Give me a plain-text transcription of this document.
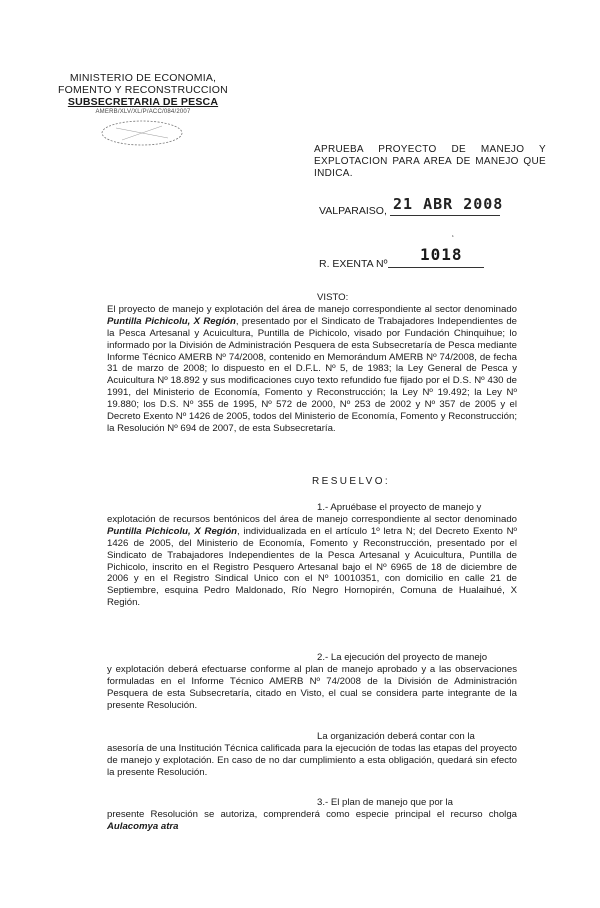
MINISTERIO DE ECONOMIA,
FOMENTO Y RECONSTRUCCION
SUBSECRETARIA DE PESCA
AMERB/XLV/XL/P/ACC/084/2007
APRUEBA PROYECTO DE MANEJO Y EXPLOTACION PARA AREA DE MANEJO QUE INDICA.
VALPARAISO, 21 ABR 2008
‘
R. EXENTA Nº 1018
VISTO:
El proyecto de manejo y explotación del área de manejo correspondiente al sector denominado Puntilla Pichicolu, X Región, presentado por el Sindicato de Trabajadores Independientes de la Pesca Artesanal y Acuicultura, Puntilla de Pichicolo, visado por Fundación Chinquihue; lo informado por la División de Administración Pesquera de esta Subsecretaría de Pesca mediante Informe Técnico AMERB Nº 74/2008, contenido en Memorándum AMERB Nº 74/2008, de fecha 31 de marzo de 2008; lo dispuesto en el D.F.L. Nº 5, de 1983; la Ley General de Pesca y Acuicultura Nº 18.892 y sus modificaciones cuyo texto refundido fue fijado por el D.S. Nº 430 de 1991, del Ministerio de Economía, Fomento y Reconstrucción; la Ley Nº 19.492; la Ley Nº 19.880; los D.S. Nº 355 de 1995, Nº 572 de 2000, Nº 253 de 2002 y Nº 357 de 2005 y el Decreto Exento Nº 1426 de 2005, todos del Ministerio de Economía, Fomento y Reconstrucción; la Resolución Nº 694 de 2007, de esta Subsecretaría.
RESUELVO:
1.- Apruébase el proyecto de manejo y
explotación de recursos bentónicos del área de manejo correspondiente al sector denominado Puntilla Pichicolu, X Región, individualizada en el artículo 1º letra N; del Decreto Exento Nº 1426 de 2005, del Ministerio de Economía, Fomento y Reconstrucción, presentado por el Sindicato de Trabajadores Independientes de la Pesca Artesanal y Acuicultura, Puntilla de Pichicolo, inscrito en el Registro Pesquero Artesanal bajo el Nº 6965 de 18 de diciembre de 2006 y en el Registro Sindical Unico con el Nº 10010351, con domicilio en calle 21 de Septiembre, esquina Pedro Maldonado, Río Negro Hornopirén, Comuna de Hualaihué, X Región.
2.- La ejecución del proyecto de manejo
y explotación deberá efectuarse conforme al plan de manejo aprobado y a las observaciones formuladas en el Informe Técnico AMERB Nº 74/2008 de la División de Administración Pesquera de esta Subsecretaría, citado en Visto, el cual se considera parte integrante de la presente Resolución.
La organización deberá contar con la
asesoría de una Institución Técnica calificada para la ejecución de todas las etapas del proyecto de manejo y explotación. En caso de no dar cumplimiento a esta obligación, quedará sin efecto la presente Resolución.
3.- El plan de manejo que por la
presente Resolución se autoriza, comprenderá como especie principal el recurso cholga Aulacomya atra
